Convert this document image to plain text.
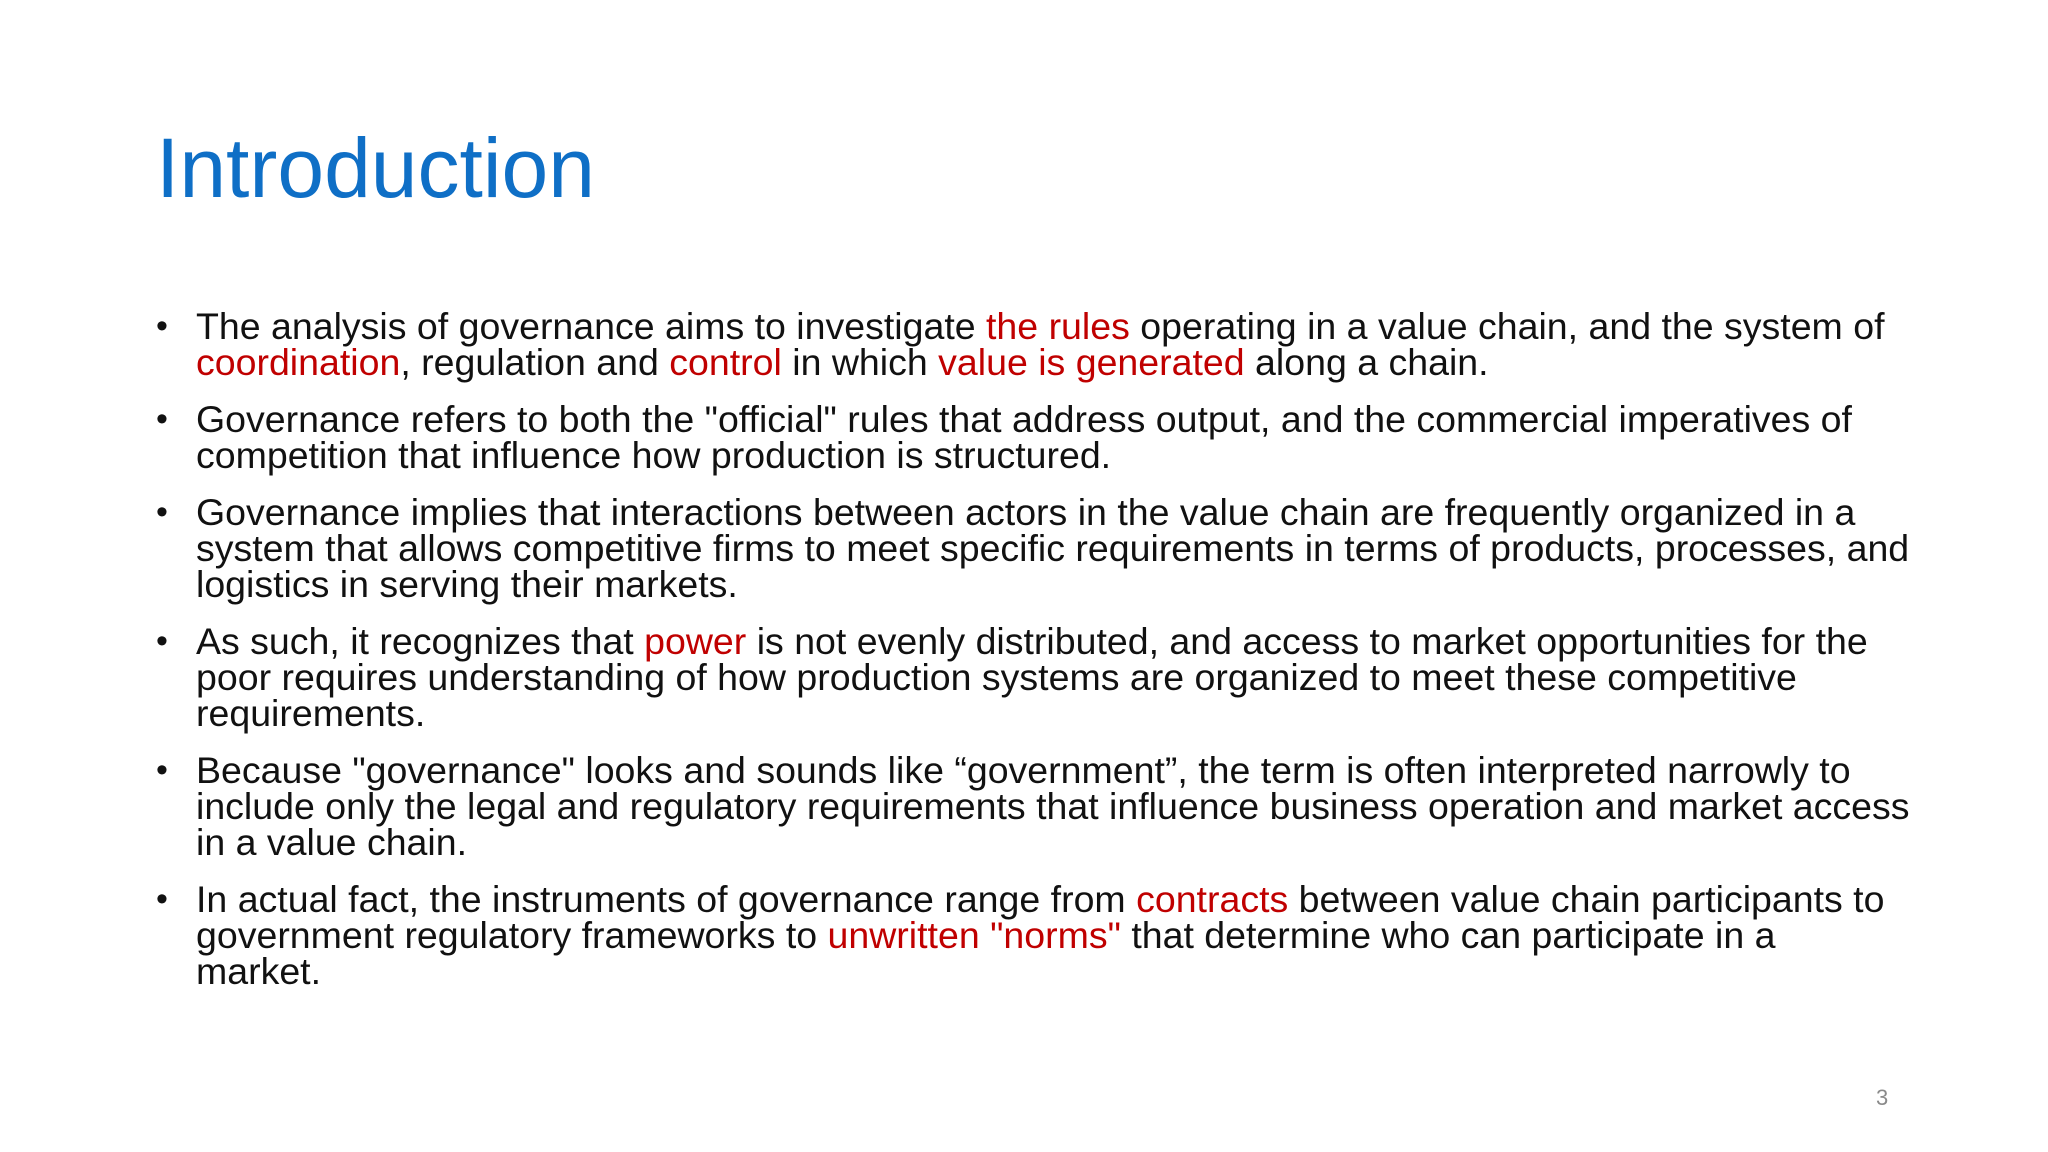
Introduction
• The analysis of governance aims to investigate the rules operating in a value chain, and the system of coordination, regulation and control in which value is generated along a chain.
• Governance refers to both the "official" rules that address output, and the commercial imperatives of competition that influence how production is structured.
• Governance implies that interactions between actors in the value chain are frequently organized in a system that allows competitive firms to meet specific requirements in terms of products, processes, and logistics in serving their markets.
• As such, it recognizes that power is not evenly distributed, and access to market opportunities for the poor requires understanding of how production systems are organized to meet these competitive requirements.
• Because "governance" looks and sounds like “government”, the term is often interpreted narrowly to include only the legal and regulatory requirements that influence business operation and market access in a value chain.
• In actual fact, the instruments of governance range from contracts between value chain participants to government regulatory frameworks to unwritten "norms" that determine who can participate in a market.
3
